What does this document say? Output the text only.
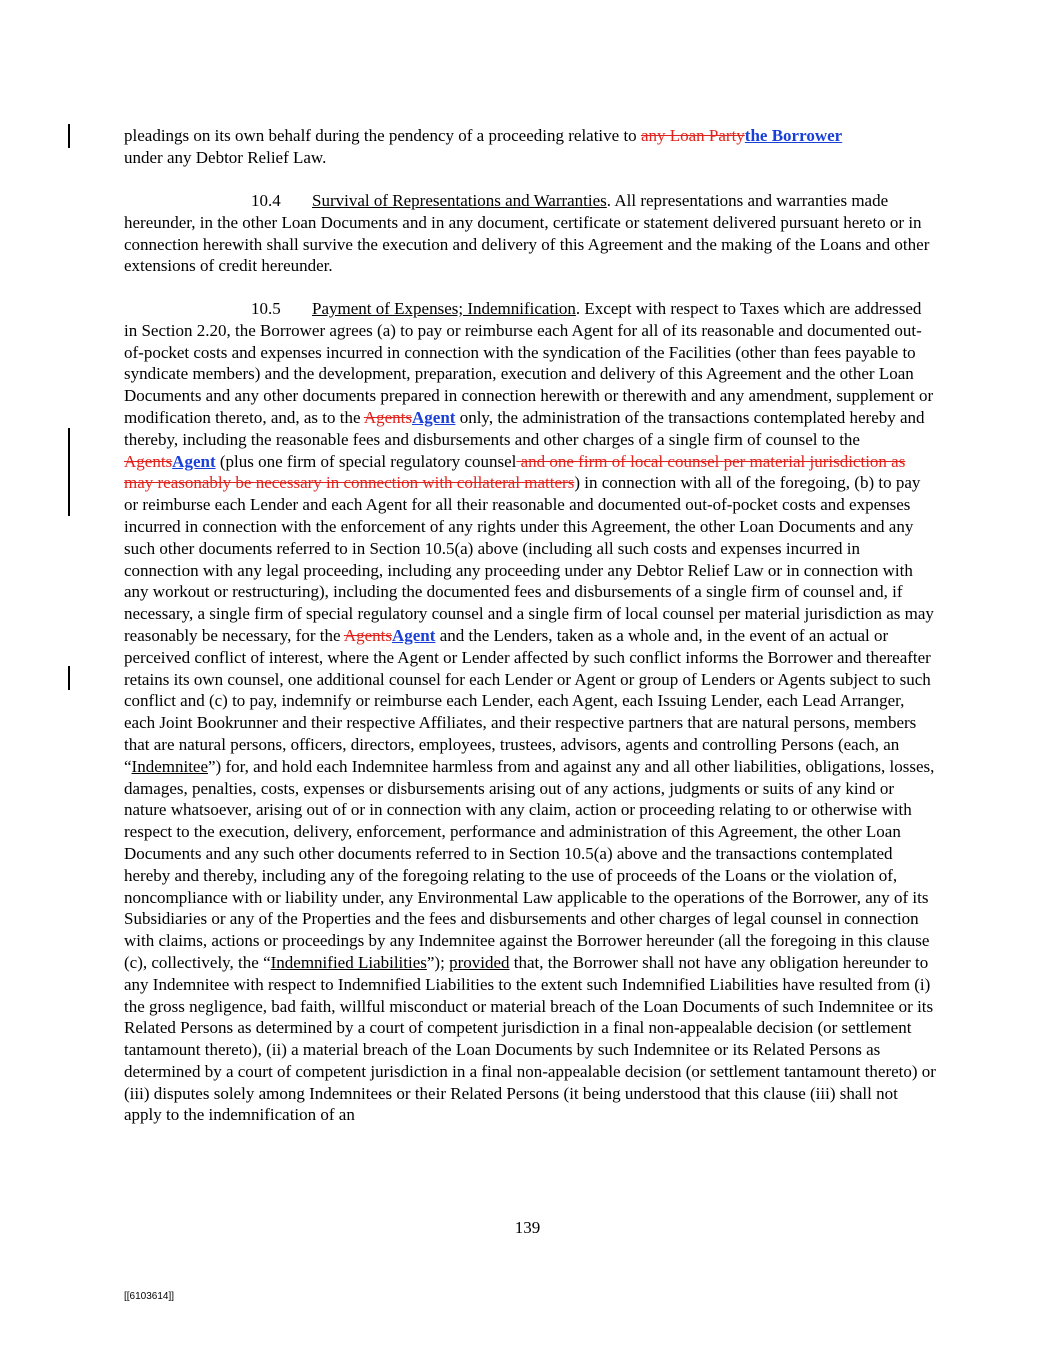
pleadings on its own behalf during the pendency of a proceeding relative to any Loan Partythe Borrower
under any Debtor Relief Law.
10.4 Survival of Representations and Warranties. All representations and warranties made hereunder, in the other Loan Documents and in any document, certificate or statement delivered pursuant hereto or in connection herewith shall survive the execution and delivery of this Agreement and the making of the Loans and other extensions of credit hereunder.
10.5 Payment of Expenses; Indemnification. Except with respect to Taxes which are addressed in Section 2.20, the Borrower agrees (a) to pay or reimburse each Agent for all of its reasonable and documented out-of-pocket costs and expenses incurred in connection with the syndication of the Facilities (other than fees payable to syndicate members) and the development, preparation, execution and delivery of this Agreement and the other Loan Documents and any other documents prepared in connection herewith or therewith and any amendment, supplement or modification thereto, and, as to the AgentsAgent only, the administration of the transactions contemplated hereby and thereby, including the reasonable fees and disbursements and other charges of a single firm of counsel to the AgentsAgent (plus one firm of special regulatory counsel and one firm of local counsel per material jurisdiction as may reasonably be necessary in connection with collateral matters) in connection with all of the foregoing, (b) to pay or reimburse each Lender and each Agent for all their reasonable and documented out-of-pocket costs and expenses incurred in connection with the enforcement of any rights under this Agreement, the other Loan Documents and any such other documents referred to in Section 10.5(a) above (including all such costs and expenses incurred in connection with any legal proceeding, including any proceeding under any Debtor Relief Law or in connection with any workout or restructuring), including the documented fees and disbursements of a single firm of counsel and, if necessary, a single firm of special regulatory counsel and a single firm of local counsel per material jurisdiction as may reasonably be necessary, for the AgentsAgent and the Lenders, taken as a whole and, in the event of an actual or perceived conflict of interest, where the Agent or Lender affected by such conflict informs the Borrower and thereafter retains its own counsel, one additional counsel for each Lender or Agent or group of Lenders or Agents subject to such conflict and (c) to pay, indemnify or reimburse each Lender, each Agent, each Issuing Lender, each Lead Arranger, each Joint Bookrunner and their respective Affiliates, and their respective partners that are natural persons, members that are natural persons, officers, directors, employees, trustees, advisors, agents and controlling Persons (each, an “Indemnitee”) for, and hold each Indemnitee harmless from and against any and all other liabilities, obligations, losses, damages, penalties, costs, expenses or disbursements arising out of any actions, judgments or suits of any kind or nature whatsoever, arising out of or in connection with any claim, action or proceeding relating to or otherwise with respect to the execution, delivery, enforcement, performance and administration of this Agreement, the other Loan Documents and any such other documents referred to in Section 10.5(a) above and the transactions contemplated hereby and thereby, including any of the foregoing relating to the use of proceeds of the Loans or the violation of, noncompliance with or liability under, any Environmental Law applicable to the operations of the Borrower, any of its Subsidiaries or any of the Properties and the fees and disbursements and other charges of legal counsel in connection with claims, actions or proceedings by any Indemnitee against the Borrower hereunder (all the foregoing in this clause (c), collectively, the “Indemnified Liabilities”); provided that, the Borrower shall not have any obligation hereunder to any Indemnitee with respect to Indemnified Liabilities to the extent such Indemnified Liabilities have resulted from (i) the gross negligence, bad faith, willful misconduct or material breach of the Loan Documents of such Indemnitee or its Related Persons as determined by a court of competent jurisdiction in a final non-appealable decision (or settlement tantamount thereto), (ii) a material breach of the Loan Documents by such Indemnitee or its Related Persons as determined by a court of competent jurisdiction in a final non-appealable decision (or settlement tantamount thereto) or (iii) disputes solely among Indemnitees or their Related Persons (it being understood that this clause (iii) shall not apply to the indemnification of an
139
[[6103614]]
